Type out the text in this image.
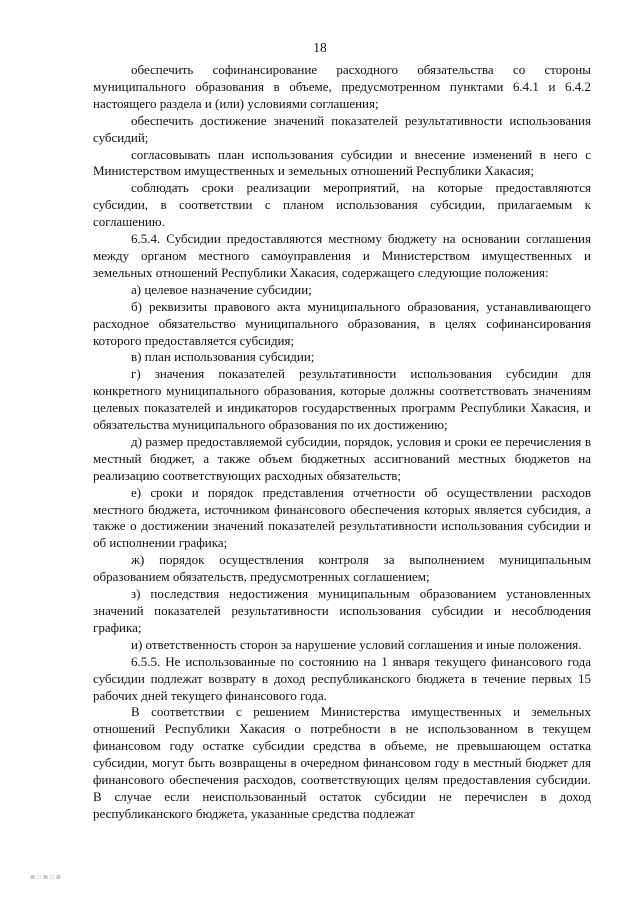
18

обеспечить софинансирование расходного обязательства со стороны муниципального образования в объеме, предусмотренном пунктами 6.4.1 и 6.4.2 настоящего раздела и (или) условиями соглашения;

обеспечить достижение значений показателей результативности использования субсидий;

согласовывать план использования субсидии и внесение изменений в него с Министерством имущественных и земельных отношений Республики Хакасия;

соблюдать сроки реализации мероприятий, на которые предоставляются субсидии, в соответствии с планом использования субсидии, прилагаемым к соглашению.

6.5.4. Субсидии предоставляются местному бюджету на основании соглашения между органом местного самоуправления и Министерством имущественных и земельных отношений Республики Хакасия, содержащего следующие положения:

а) целевое назначение субсидии;

б) реквизиты правового акта муниципального образования, устанавливающего расходное обязательство муниципального образования, в целях софинансирования которого предоставляется субсидия;

в) план использования субсидии;

г) значения показателей результативности использования субсидии для конкретного муниципального образования, которые должны соответствовать значениям целевых показателей и индикаторов государственных программ Республики Хакасия, и обязательства муниципального образования по их достижению;

д) размер предоставляемой субсидии, порядок, условия и сроки ее перечисления в местный бюджет, а также объем бюджетных ассигнований местных бюджетов на реализацию соответствующих расходных обязательств;

е) сроки и порядок представления отчетности об осуществлении расходов местного бюджета, источником финансового обеспечения которых является субсидия, а также о достижении значений показателей результативности использования субсидии и об исполнении графика;

ж) порядок осуществления контроля за выполнением муниципальным образованием обязательств, предусмотренных соглашением;

з) последствия недостижения муниципальным образованием установленных значений показателей результативности использования субсидии и несоблюдения графика;

и) ответственность сторон за нарушение условий соглашения и иные положения.

6.5.5. Не использованные по состоянию на 1 января текущего финансового года субсидии подлежат возврату в доход республиканского бюджета в течение первых 15 рабочих дней текущего финансового года.

В соответствии с решением Министерства имущественных и земельных отношений Республики Хакасия о потребности в не использованном в текущем финансовом году остатке субсидии средства в объеме, не превышающем остатка субсидии, могут быть возвращены в очередном финансовом году в местный бюджет для финансового обеспечения расходов, соответствующих целям предоставления субсидии. В случае если неиспользованный остаток субсидии не перечислен в доход республиканского бюджета, указанные средства подлежат

▪▫▪▫▪
